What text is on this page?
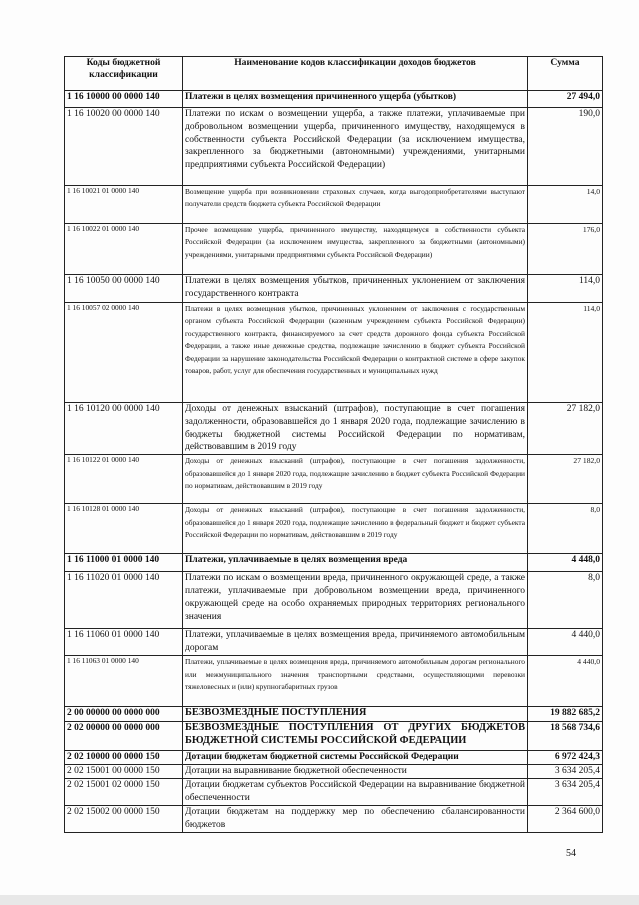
Коды бюджетной классификации	Наименование кодов классификации доходов бюджетов	Сумма
1 16 10000 00 0000 140	Платежи в целях возмещения причиненного ущерба (убытков)	27 494,0
1 16 10020 00 0000 140	Платежи по искам о возмещении ущерба, а также платежи, уплачиваемые при добровольном возмещении ущерба, причиненного имуществу, находящемуся в собственности субъекта Российской Федерации (за исключением имущества, закрепленного за бюджетными (автономными) учреждениями, унитарными предприятиями субъекта Российской Федерации)	190,0
1 16 10021 01 0000 140	Возмещение ущерба при возникновении страховых случаев, когда выгодоприобретателями выступают получатели средств бюджета субъекта Российской Федерации	14,0
1 16 10022 01 0000 140	Прочее возмещение ущерба, причиненного имуществу, находящемуся в собственности субъекта Российской Федерации (за исключением имущества, закрепленного за бюджетными (автономными) учреждениями, унитарными предприятиями субъекта Российской Федерации)	176,0
1 16 10050 00 0000 140	Платежи в целях возмещения убытков, причиненных уклонением от заключения государственного контракта	114,0
1 16 10057 02 0000 140	Платежи в целях возмещения убытков, причиненных уклонением от заключения с государственным органом субъекта Российской Федерации (казенным учреждением субъекта Российской Федерации) государственного контракта, финансируемого за счет средств дорожного фонда субъекта Российской Федерации, а также иные денежные средства, подлежащие зачислению в бюджет субъекта Российской Федерации за нарушение законодательства Российской Федерации о контрактной системе в сфере закупок товаров, работ, услуг для обеспечения государственных и муниципальных нужд	114,0
1 16 10120 00 0000 140	Доходы от денежных взысканий (штрафов), поступающие в счет погашения задолженности, образовавшейся до 1 января 2020 года, подлежащие зачислению в бюджеты бюджетной системы Российской Федерации по нормативам, действовавшим в 2019 году	27 182,0
1 16 10122 01 0000 140	Доходы от денежных взысканий (штрафов), поступающие в счет погашения задолженности, образовавшейся до 1 января 2020 года, подлежащие зачислению в бюджет субъекта Российской Федерации по нормативам, действовавшим в 2019 году	27 182,0
1 16 10128 01 0000 140	Доходы от денежных взысканий (штрафов), поступающие в счет погашения задолженности, образовавшейся до 1 января 2020 года, подлежащие зачислению в федеральный бюджет и бюджет субъекта Российской Федерации по нормативам, действовавшим в 2019 году	8,0
1 16 11000 01 0000 140	Платежи, уплачиваемые в целях возмещения вреда	4 448,0
1 16 11020 01 0000 140	Платежи по искам о возмещении вреда, причиненного окружающей среде, а также платежи, уплачиваемые при добровольном возмещении вреда, причиненного окружающей среде на особо охраняемых природных территориях регионального значения	8,0
1 16 11060 01 0000 140	Платежи, уплачиваемые в целях возмещения вреда, причиняемого автомобильным дорогам	4 440,0
1 16 11063 01 0000 140	Платежи, уплачиваемые в целях возмещения вреда, причиняемого автомобильным дорогам регионального или межмуниципального значения транспортными средствами, осуществляющими перевозки тяжеловесных и (или) крупногабаритных грузов	4 440,0
2 00 00000 00 0000 000	БЕЗВОЗМЕЗДНЫЕ ПОСТУПЛЕНИЯ	19 882 685,2
2 02 00000 00 0000 000	БЕЗВОЗМЕЗДНЫЕ ПОСТУПЛЕНИЯ ОТ ДРУГИХ БЮДЖЕТОВ БЮДЖЕТНОЙ СИСТЕМЫ РОССИЙСКОЙ ФЕДЕРАЦИИ	18 568 734,6
2 02 10000 00 0000 150	Дотации бюджетам бюджетной системы Российской Федерации	6 972 424,3
2 02 15001 00 0000 150	Дотации на выравнивание бюджетной обеспеченности	3 634 205,4
2 02 15001 02 0000 150	Дотации бюджетам субъектов Российской Федерации на выравнивание бюджетной обеспеченности	3 634 205,4
2 02 15002 00 0000 150	Дотации бюджетам на поддержку мер по обеспечению сбалансированности бюджетов	2 364 600,0
54
